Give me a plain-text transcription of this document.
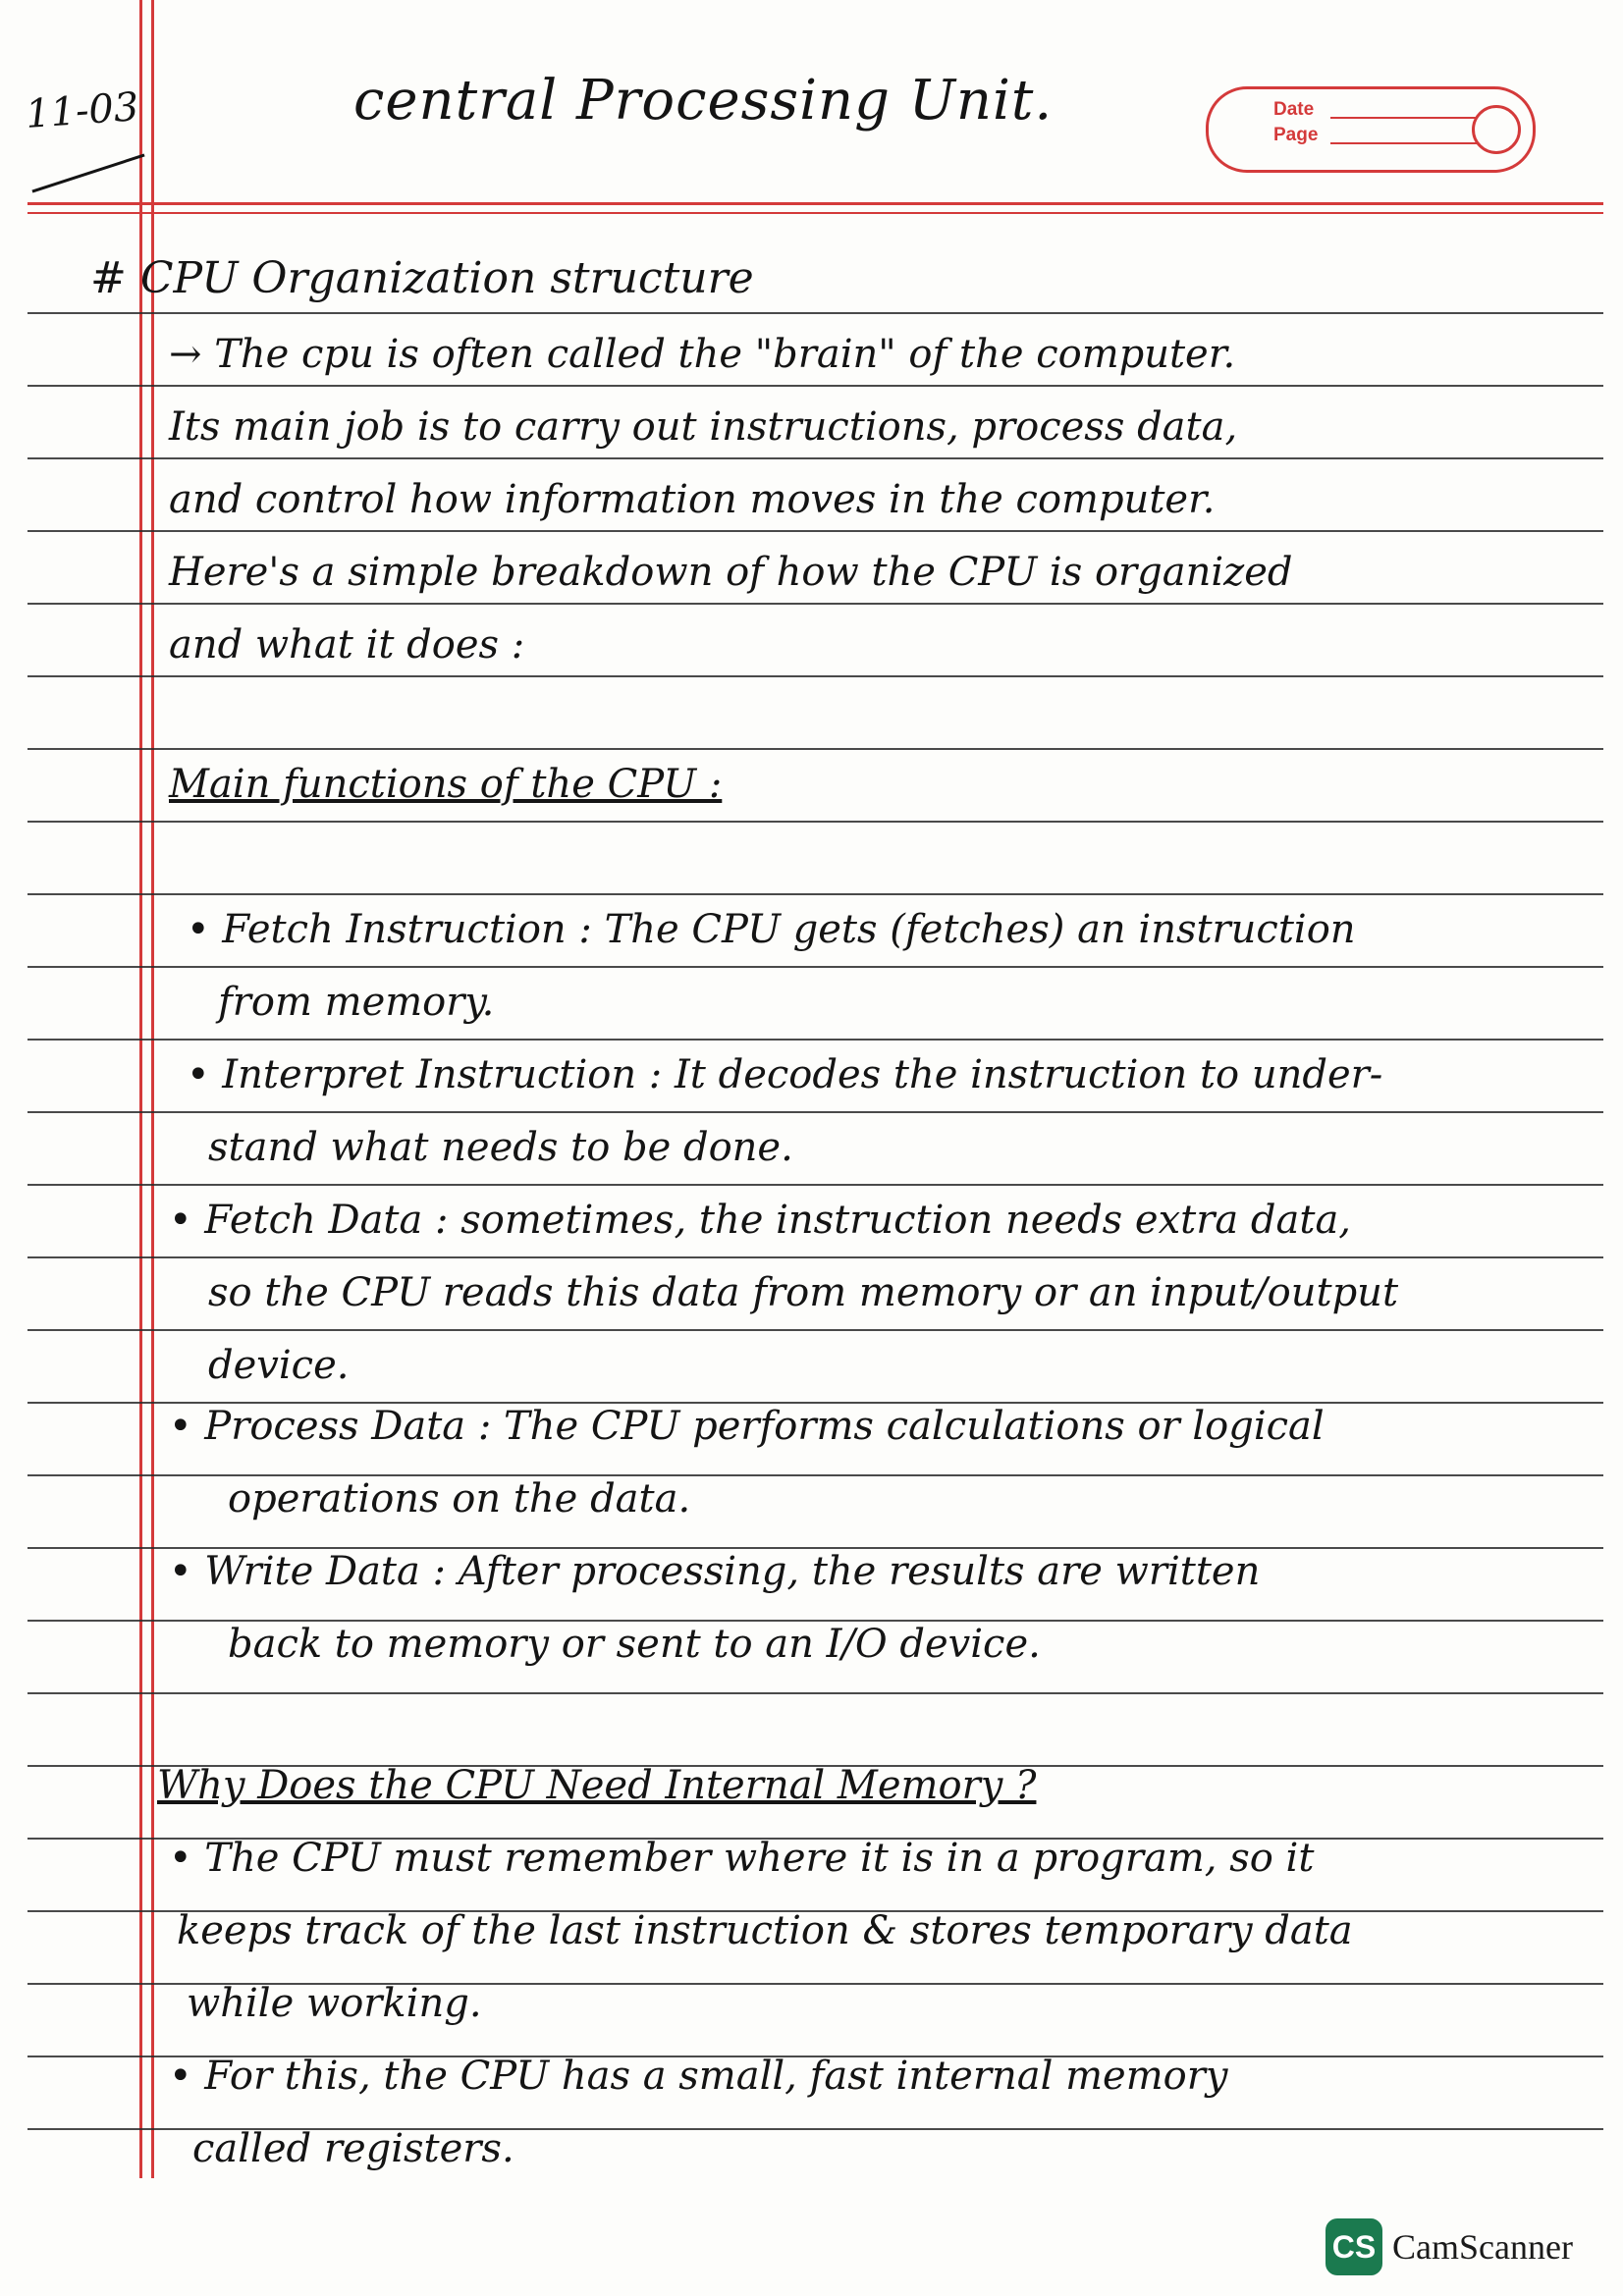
11-03	central Processing Unit.	Date
Page
# CPU Organization structure
→ The cpu is often called the "brain" of the computer.
Its main job is to carry out instructions, process data,
and control how information moves in the computer.
Here's a simple breakdown of how the CPU is organized
and what it does :
Main functions of the CPU :
• Fetch Instruction : The CPU gets (fetches) an instruction
from memory.
• Interpret Instruction : It decodes the instruction to under-
stand what needs to be done.
• Fetch Data : sometimes, the instruction needs extra data,
so the CPU reads this data from memory or an input/output
device.
• Process Data : The CPU performs calculations or logical
operations on the data.
• Write Data : After processing, the results are written
back to memory or sent to an I/O device.
Why Does the CPU Need Internal Memory ?
• The CPU must remember where it is in a program, so it
keeps track of the last instruction & stores temporary data
while working.
• For this, the CPU has a small, fast internal memory
called registers.
CS CamScanner
